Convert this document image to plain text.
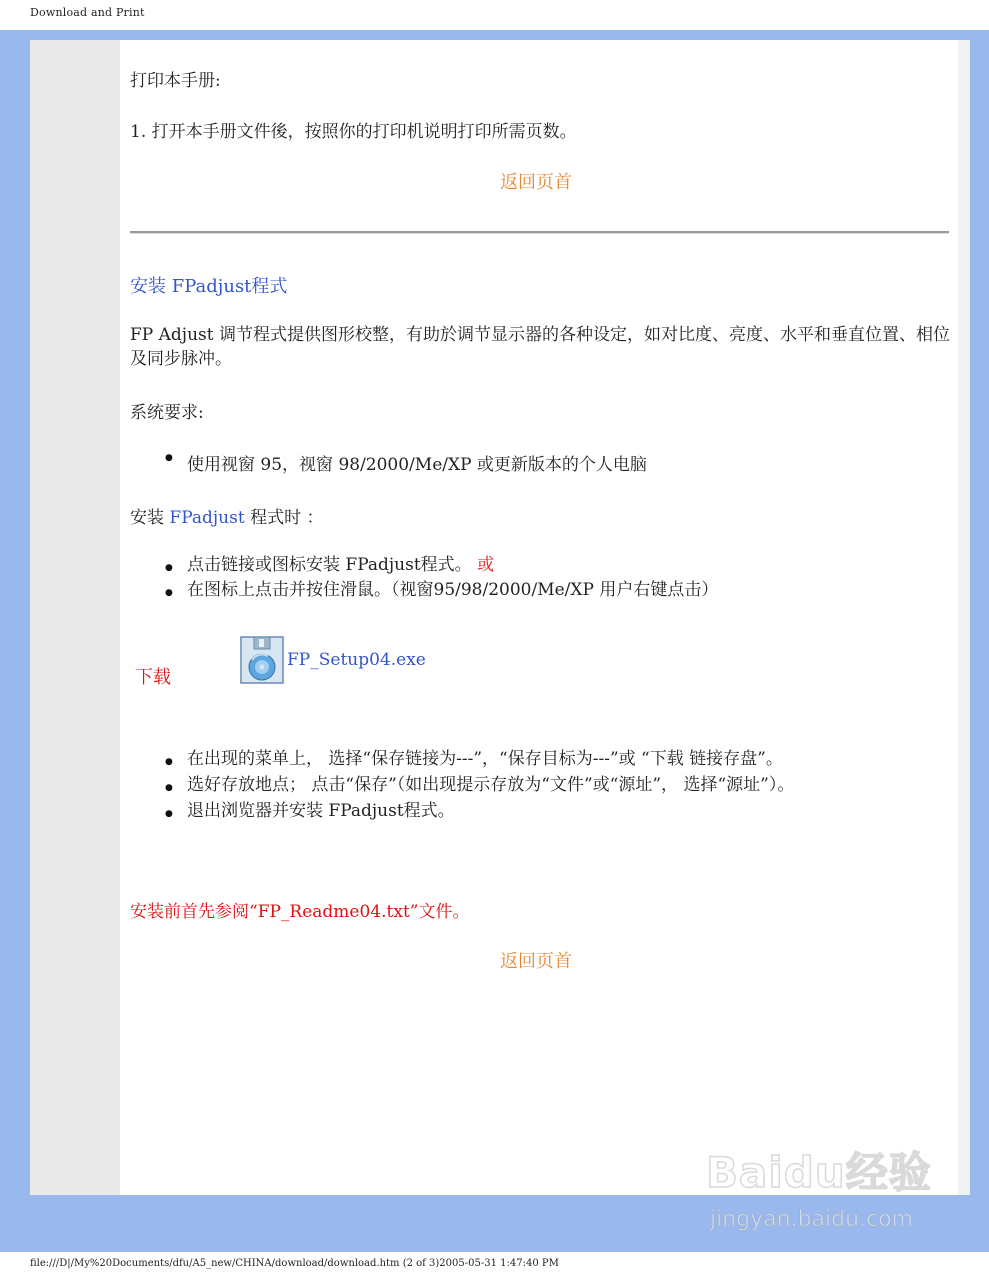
Download and Print
打印本手册:
1. 打开本手册文件後，按照你的打印机说明打印所需页数。
返回页首
安装 FPadjust程式
FP Adjust 调节程式提供图形校整，有助於调节显示器的各种设定，如对比度、亮度、水平和垂直位置、相位及同步脉冲。
系统要求:
● 使用视窗 95，视窗 98/2000/Me/XP 或更新版本的个人电脑
安装 FPadjust 程式时 ：
● 点击链接或图标安装 FPadjust程式。 或
● 在图标上点击并按住滑鼠。（视窗95/98/2000/Me/XP 用户右键点击）
下载
FP_Setup04.exe
● 在出现的菜单上， 选择“保存链接为---”，“保存目标为---”或 “下载 链接存盘”。
● 选好存放地点； 点击“保存”（如出现提示存放为“文件”或“源址”， 选择“源址”）。
● 退出浏览器并安装 FPadjust程式。
安装前首先参阅“FP_Readme04.txt”文件。
返回页首
Baidu经验
jingyan.baidu.com
file:///D|/My%20Documents/dfu/A5_new/CHINA/download/download.htm (2 of 3)2005-05-31 1:47:40 PM
